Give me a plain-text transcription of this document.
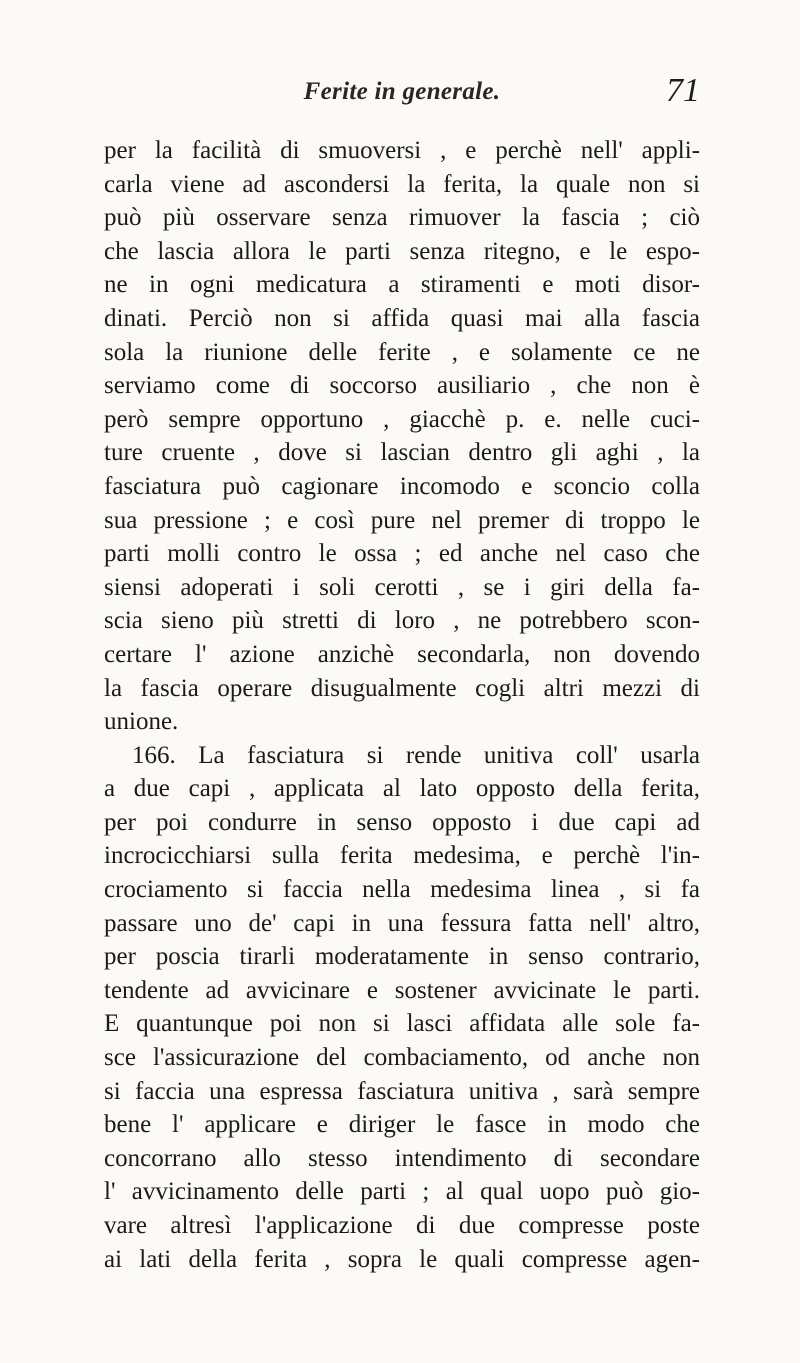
Ferite in generale.	71
per la facilità di smuoversi , e perchè nell' appli-
carla viene ad ascondersi la ferita, la quale non si
può più osservare senza rimuover la fascia ; ciò
che lascia allora le parti senza ritegno, e le espo-
ne in ogni medicatura a stiramenti e moti disor-
dinati. Perciò non si affida quasi mai alla fascia
sola la riunione delle ferite , e solamente ce ne
serviamo come di soccorso ausiliario , che non è
però sempre opportuno , giacchè p. e. nelle cuci-
ture cruente , dove si lascian dentro gli aghi , la
fasciatura può cagionare incomodo e sconcio colla
sua pressione ; e così pure nel premer di troppo le
parti molli contro le ossa ; ed anche nel caso che
siensi adoperati i soli cerotti , se i giri della fa-
scia sieno più stretti di loro , ne potrebbero scon-
certare l' azione anzichè secondarla, non dovendo
la fascia operare disugualmente cogli altri mezzi di
unione.
166. La fasciatura si rende unitiva coll' usarla
a due capi , applicata al lato opposto della ferita,
per poi condurre in senso opposto i due capi ad
incrocicchiarsi sulla ferita medesima, e perchè l'in-
crociamento si faccia nella medesima linea , si fa
passare uno de' capi in una fessura fatta nell' altro,
per poscia tirarli moderatamente in senso contrario,
tendente ad avvicinare e sostener avvicinate le parti.
E quantunque poi non si lasci affidata alle sole fa-
sce l'assicurazione del combaciamento, od anche non
si faccia una espressa fasciatura unitiva , sarà sempre
bene l' applicare e diriger le fasce in modo che
concorrano allo stesso intendimento di secondare
l' avvicinamento delle parti ; al qual uopo può gio-
vare altresì l'applicazione di due compresse poste
ai lati della ferita , sopra le quali compresse agen-
